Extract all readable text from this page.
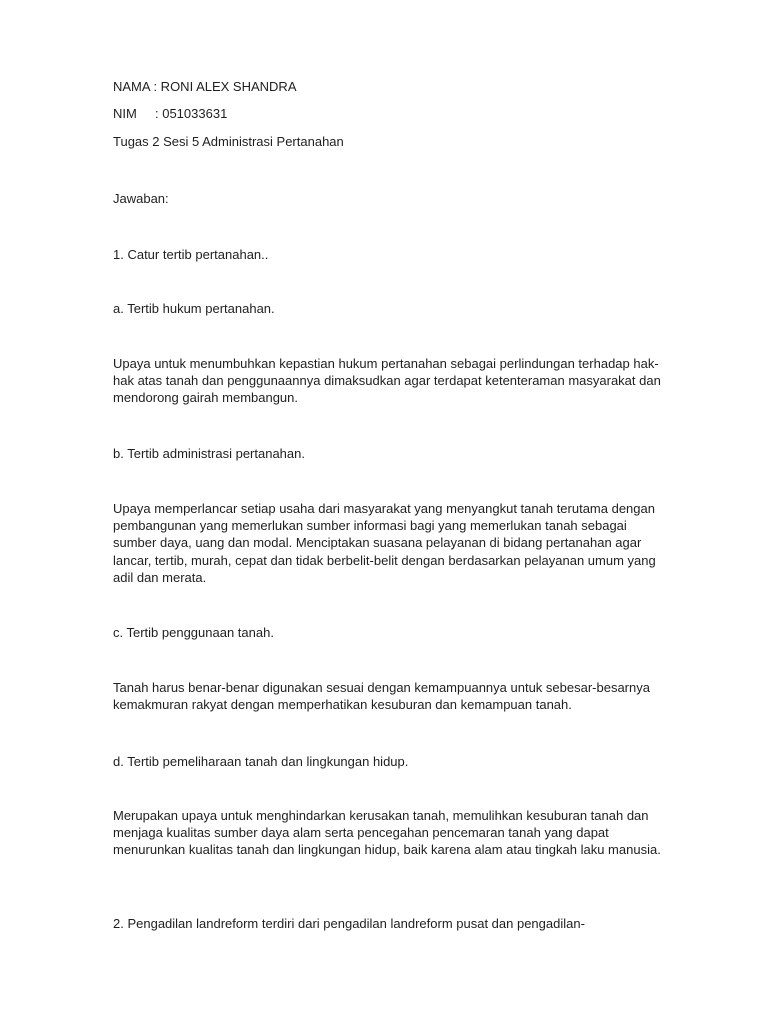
NAMA : RONI ALEX SHANDRA
NIM : 051033631
Tugas 2 Sesi 5 Administrasi Pertanahan
Jawaban:
1. Catur tertib pertanahan..
a. Tertib hukum pertanahan.
Upaya untuk menumbuhkan kepastian hukum pertanahan sebagai perlindungan terhadap hak-hak atas tanah dan penggunaannya dimaksudkan agar terdapat ketenteraman masyarakat dan mendorong gairah membangun.
b. Tertib administrasi pertanahan.
Upaya memperlancar setiap usaha dari masyarakat yang menyangkut tanah terutama dengan pembangunan yang memerlukan sumber informasi bagi yang memerlukan tanah sebagai sumber daya, uang dan modal. Menciptakan suasana pelayanan di bidang pertanahan agar lancar, tertib, murah, cepat dan tidak berbelit-belit dengan berdasarkan pelayanan umum yang adil dan merata.
c. Tertib penggunaan tanah.
Tanah harus benar-benar digunakan sesuai dengan kemampuannya untuk sebesar-besarnya kemakmuran rakyat dengan memperhatikan kesuburan dan kemampuan tanah.
d. Tertib pemeliharaan tanah dan lingkungan hidup.
Merupakan upaya untuk menghindarkan kerusakan tanah, memulihkan kesuburan tanah dan menjaga kualitas sumber daya alam serta pencegahan pencemaran tanah yang dapat menurunkan kualitas tanah dan lingkungan hidup, baik karena alam atau tingkah laku manusia.
2. Pengadilan landreform terdiri dari pengadilan landreform pusat dan pengadilan-
